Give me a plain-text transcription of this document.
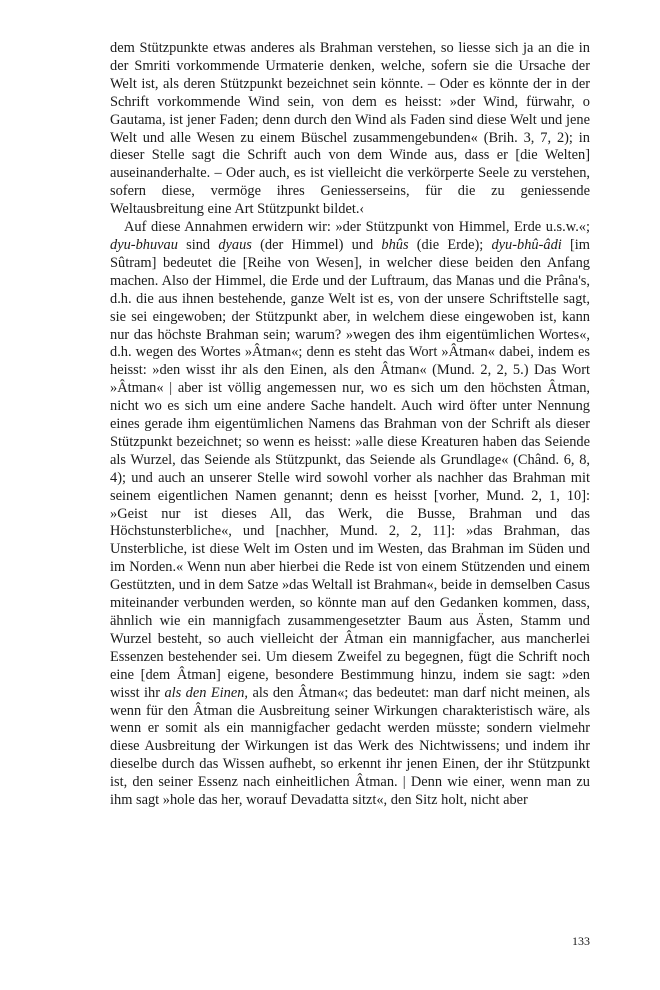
dem Stützpunkte etwas anderes als Brahman verstehen, so liesse sich ja an die in der Smriti vorkommende Urmaterie denken, welche, sofern sie die Ursache der Welt ist, als deren Stützpunkt bezeichnet sein könnte. – Oder es könnte der in der Schrift vorkommende Wind sein, von dem es heisst: »der Wind, fürwahr, o Gautama, ist jener Faden; denn durch den Wind als Faden sind diese Welt und jene Welt und alle Wesen zu einem Büschel zusammengebunden« (Brih. 3, 7, 2); in dieser Stelle sagt die Schrift auch von dem Winde aus, dass er [die Welten] auseinanderhalte. – Oder auch, es ist vielleicht die verkörperte Seele zu verstehen, sofern diese, vermöge ihres Geniesserseins, für die zu geniessende Weltausbreitung eine Art Stützpunkt bildet.‹

Auf diese Annahmen erwidern wir: »der Stützpunkt von Himmel, Erde u.s.w.«; dyu-bhuvau sind dyaus (der Himmel) und bhûs (die Erde); dyu-bhû-âdi [im Sûtram] bedeutet die [Reihe von Wesen], in welcher diese beiden den Anfang machen. Also der Himmel, die Erde und der Luftraum, das Manas und die Prâna's, d.h. die aus ihnen bestehende, ganze Welt ist es, von der unsere Schriftstelle sagt, sie sei eingewoben; der Stützpunkt aber, in welchem diese eingewoben ist, kann nur das höchste Brahman sein; warum? »wegen des ihm eigentümlichen Wortes«, d.h. wegen des Wortes »Âtman«; denn es steht das Wort »Âtman« dabei, indem es heisst: »den wisst ihr als den Einen, als den Âtman« (Mund. 2, 2, 5.) Das Wort »Âtman« | aber ist völlig angemessen nur, wo es sich um den höchsten Âtman, nicht wo es sich um eine andere Sache handelt. Auch wird öfter unter Nennung eines gerade ihm eigentümlichen Namens das Brahman von der Schrift als dieser Stützpunkt bezeichnet; so wenn es heisst: »alle diese Kreaturen haben das Seiende als Wurzel, das Seiende als Stützpunkt, das Seiende als Grundlage« (Chând. 6, 8, 4); und auch an unserer Stelle wird sowohl vorher als nachher das Brahman mit seinem eigentlichen Namen genannt; denn es heisst [vorher, Mund. 2, 1, 10]: »Geist nur ist dieses All, das Werk, die Busse, Brahman und das Höchstunsterbliche«, und [nachher, Mund. 2, 2, 11]: »das Brahman, das Unsterbliche, ist diese Welt im Osten und im Westen, das Brahman im Süden und im Norden.« Wenn nun aber hierbei die Rede ist von einem Stützenden und einem Gestützten, und in dem Satze »das Weltall ist Brahman«, beide in demselben Casus miteinander verbunden werden, so könnte man auf den Gedanken kommen, dass, ähnlich wie ein mannigfach zusammengesetzter Baum aus Ästen, Stamm und Wurzel besteht, so auch vielleicht der Âtman ein mannigfacher, aus mancherlei Essenzen bestehender sei. Um diesem Zweifel zu begegnen, fügt die Schrift noch eine [dem Âtman] eigene, besondere Bestimmung hinzu, indem sie sagt: »den wisst ihr als den Einen, als den Âtman«; das bedeutet: man darf nicht meinen, als wenn für den Âtman die Ausbreitung seiner Wirkungen charakteristisch wäre, als wenn er somit als ein mannigfacher gedacht werden müsste; sondern vielmehr diese Ausbreitung der Wirkungen ist das Werk des Nichtwissens; und indem ihr dieselbe durch das Wissen aufhebt, so erkennt ihr jenen Einen, der ihr Stützpunkt ist, den seiner Essenz nach einheitlichen Âtman. | Denn wie einer, wenn man zu ihm sagt »hole das her, worauf Devadatta sitzt«, den Sitz holt, nicht aber

133
